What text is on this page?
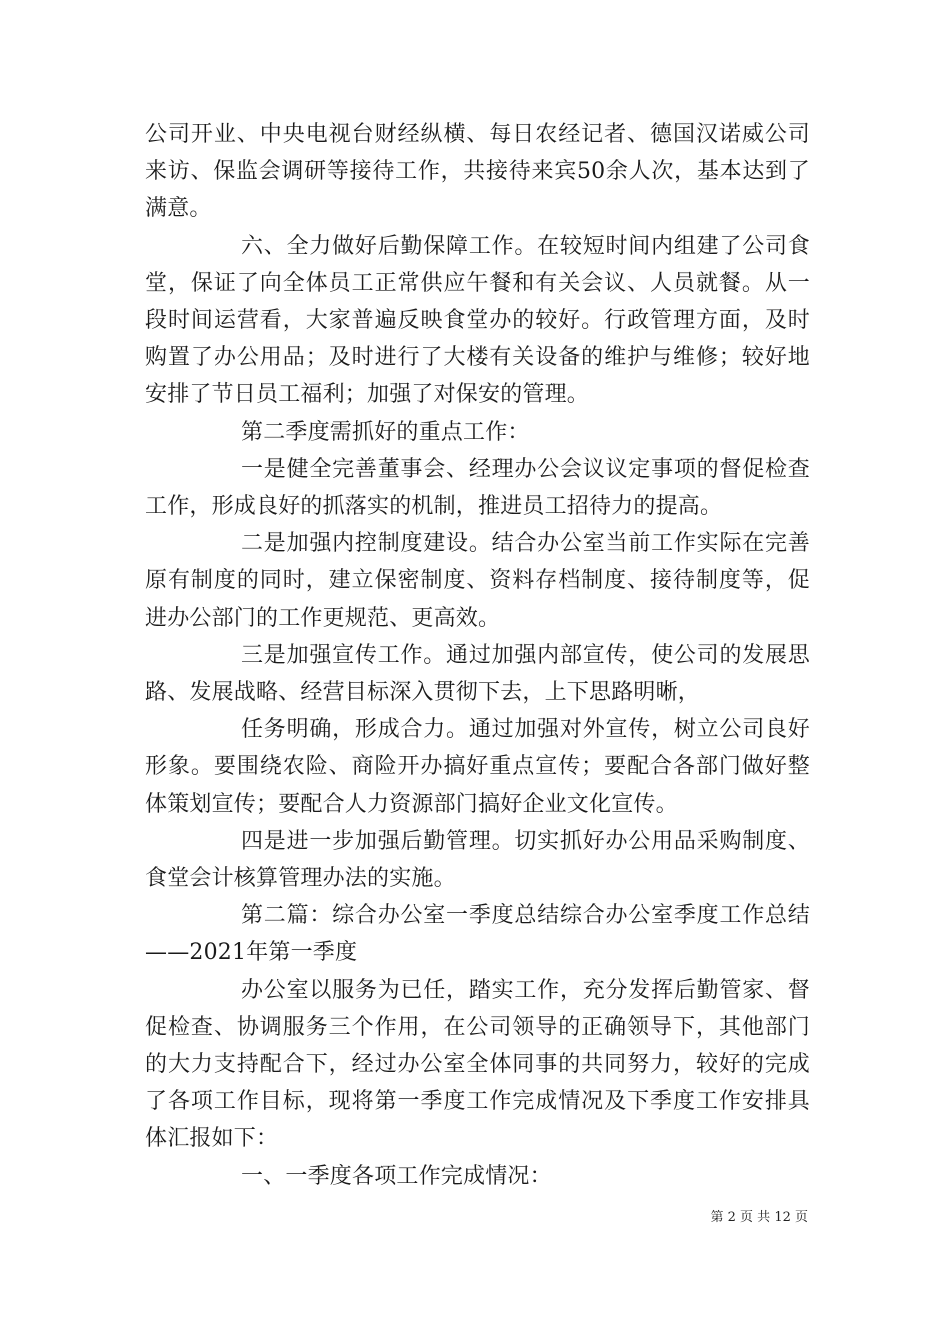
公司开业、中央电视台财经纵横、每日农经记者、德国汉诺威公司来访、保监会调研等接待工作，共接待来宾50余人次，基本达到了满意。

六、全力做好后勤保障工作。在较短时间内组建了公司食堂，保证了向全体员工正常供应午餐和有关会议、人员就餐。从一段时间运营看，大家普遍反映食堂办的较好。行政管理方面，及时购置了办公用品；及时进行了大楼有关设备的维护与维修；较好地安排了节日员工福利；加强了对保安的管理。

第二季度需抓好的重点工作：

一是健全完善董事会、经理办公会议议定事项的督促检查工作，形成良好的抓落实的机制，推进员工招待力的提高。

二是加强内控制度建设。结合办公室当前工作实际在完善原有制度的同时，建立保密制度、资料存档制度、接待制度等，促进办公部门的工作更规范、更高效。

三是加强宣传工作。通过加强内部宣传，使公司的发展思路、发展战略、经营目标深入贯彻下去，上下思路明晰，

任务明确，形成合力。通过加强对外宣传，树立公司良好形象。要围绕农险、商险开办搞好重点宣传；要配合各部门做好整体策划宣传；要配合人力资源部门搞好企业文化宣传。

四是进一步加强后勤管理。切实抓好办公用品采购制度、食堂会计核算管理办法的实施。

第二篇：综合办公室一季度总结综合办公室季度工作总结——2021年第一季度

办公室以服务为已任，踏实工作，充分发挥后勤管家、督促检查、协调服务三个作用，在公司领导的正确领导下，其他部门的大力支持配合下，经过办公室全体同事的共同努力，较好的完成了各项工作目标，现将第一季度工作完成情况及下季度工作安排具体汇报如下：

一、一季度各项工作完成情况：

第 2 页 共 12 页
